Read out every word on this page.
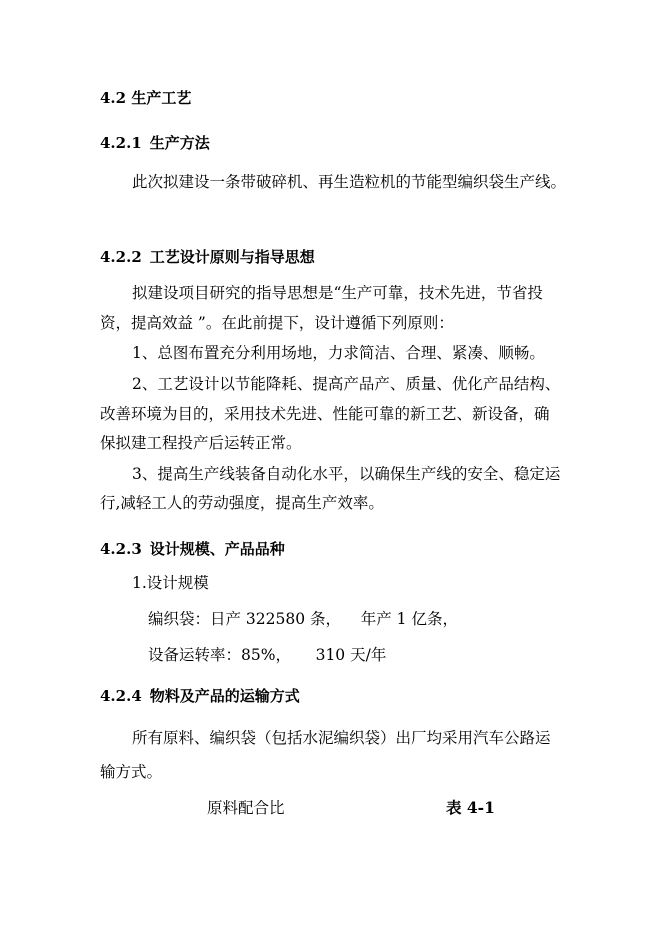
4.2 生产工艺
4.2.1 生产方法
此次拟建设一条带破碎机、再生造粒机的节能型编织袋生产线。
4.2.2 工艺设计原则与指导思想
拟建设项目研究的指导思想是“生产可靠，技术先进，节省投
资，提高效益 ”。在此前提下，设计遵循下列原则：
1、总图布置充分利用场地，力求简洁、合理、紧凑、顺畅。
2、工艺设计以节能降耗、提高产品产、质量、优化产品结构、
改善环境为目的，采用技术先进、性能可靠的新工艺、新设备，确
保拟建工程投产后运转正常。
3、提高生产线装备自动化水平，以确保生产线的安全、稳定运
行,减轻工人的劳动强度，提高生产效率。
4.2.3 设计规模、产品品种
1.设计规模
编织袋：日产 322580 条，    年产 1 亿条，
设备运转率：85%，     310 天/年
4.2.4 物料及产品的运输方式
所有原料、编织袋（包括水泥编织袋）出厂均采用汽车公路运
输方式。
原料配合比	表 4-1
